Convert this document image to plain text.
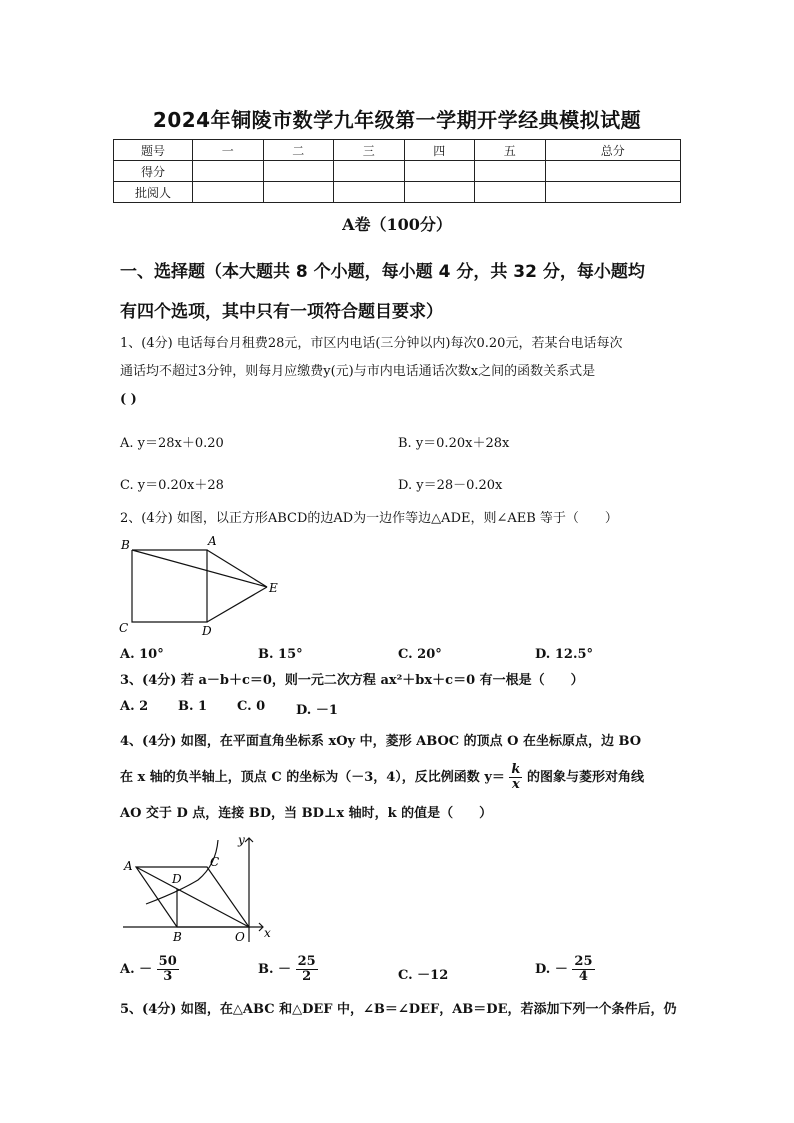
2024年铜陵市数学九年级第一学期开学经典模拟试题
题号	一	二	三	四	五	总分
得分						
批阅人						
A卷（100分）
一、选择题（本大题共 8 个小题，每小题 4 分，共 32 分，每小题均
有四个选项，其中只有一项符合题目要求）
1、(4分) 电话每台月租费28元，市区内电话(三分钟以内)每次0.20元，若某台电话每次
通话均不超过3分钟，则每月应缴费y(元)与市内电话通话次数x之间的函数关系式是
( )
A. y＝28x＋0.20	B. y＝0.20x＋28x
C. y＝0.20x＋28	D. y＝28－0.20x
2、(4分) 如图，以正方形ABCD的边AD为一边作等边△ADE，则∠AEB 等于（　　）
A
B
C	D
E
A. 10°	B. 15°	C. 20°	D. 12.5°
3、(4分) 若 a－b＋c＝0，则一元二次方程 ax²＋bx＋c＝0 有一根是（　　）
A. 2 B. 1 C. 0 D. －1
4、(4分) 如图，在平面直角坐标系 xOy 中，菱形 ABOC 的顶点 O 在坐标原点，边 BO
在 x 轴的负半轴上，顶点 C 的坐标为（－3，4），反比例函数 $y= \frac{k}{x}$ 的图象与菱形对角线
AO 交于 D 点，连接 BD，当 BD⊥x 轴时，k 的值是（　　）
A	C
D
B	O x
y
A. － $\frac{50}{3}$	B. － $\frac{25}{2}$	C. －12	D. － $\frac{25}{4}$
5、(4分) 如图，在△ABC 和△DEF 中，∠B＝∠DEF，AB＝DE，若添加下列一个条件后，仍
